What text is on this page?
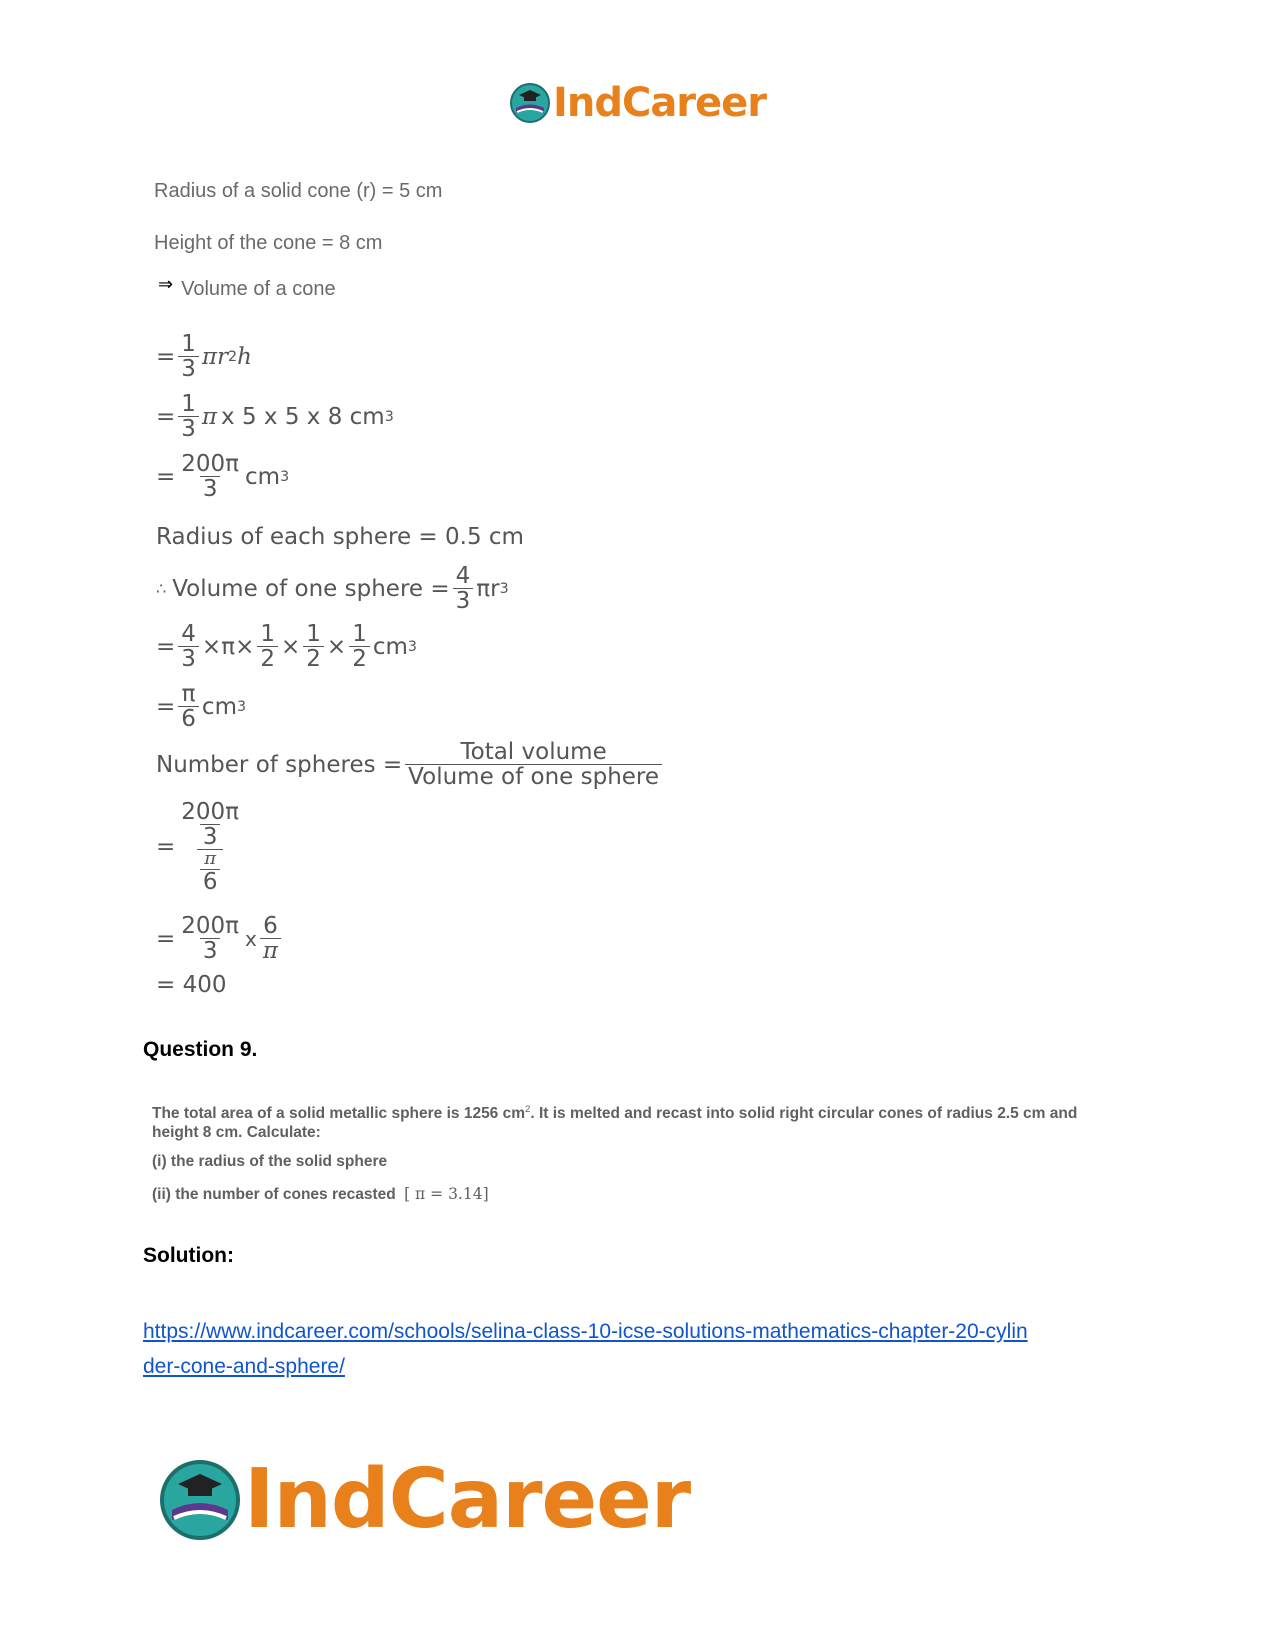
IndCareer
Radius of a solid cone (r) = 5 cm
Height of the cone = 8 cm
⇒ Volume of a cone
= $\frac{1}{3}$ π r 2 h
= $\frac{1}{3}$ π x 5 x 5 x 8 cm 3
= $\frac{200\pi}{3}$ cm 3
Radius of each sphere = 0.5 cm
∴ Volume of one sphere = $\frac{4}{3}$ π r 3
= $\frac{4}{3} \times \pi \times \frac{1}{2} \times \frac{1}{2} \times \frac{1}{2}$ cm 3
= $\frac{\pi}{6}$ cm 3
Number of spheres = $\frac{\text{Total volume}}{\text{Volume of one sphere}}$
= 200π
3
π
6
= $\frac{200\pi}{3}$ x $\frac{6}{\pi}$
= 400
Question 9.
The total area of a solid metallic sphere is 1256 $cm^2$. It is melted and recast into solid right circular cones of radius 2.5 cm and height 8 cm. Calculate:
(i) the radius of the solid sphere
(ii) the number of cones recasted [ π = 3.14]
Solution:
https://www.indcareer.com/schools/selina-class-10-icse-solutions-mathematics-chapter-20-cylin
der-cone-and-sphere/
IndCareer
